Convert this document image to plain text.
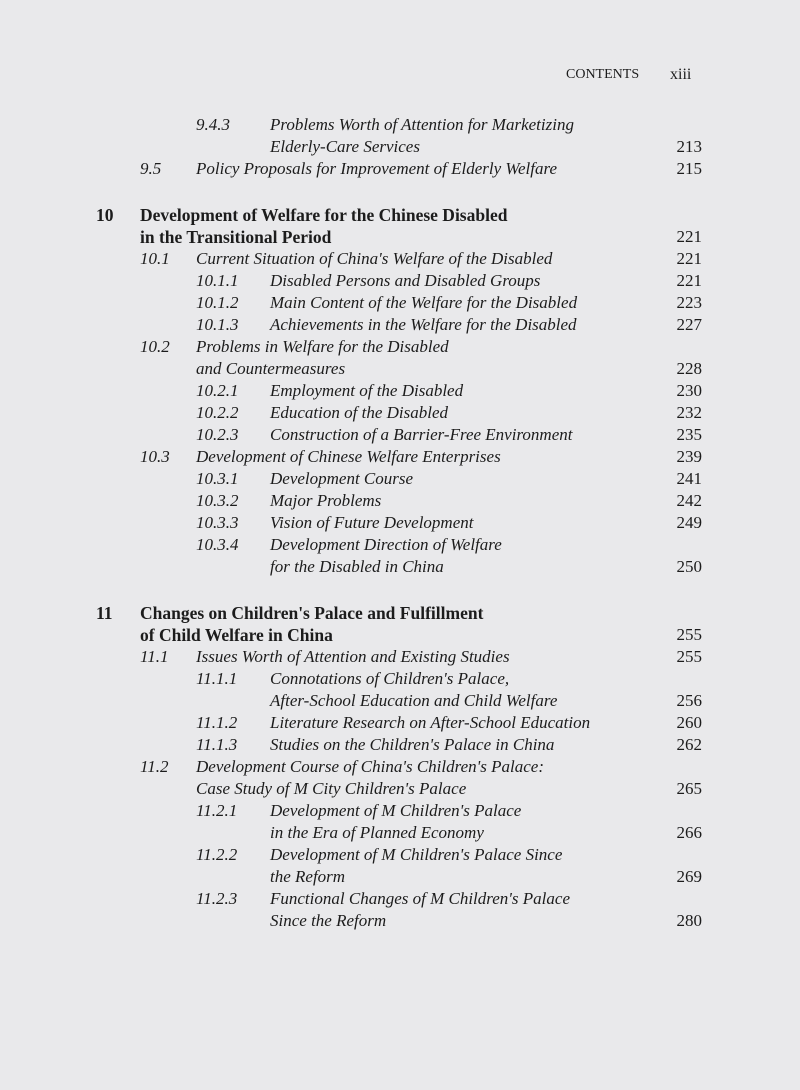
CONTENTS xiii
9.4.3 Problems Worth of Attention for Marketizing
Elderly-Care Services	213
9.5 Policy Proposals for Improvement of Elderly Welfare	215
10 Development of Welfare for the Chinese Disabled
in the Transitional Period	221
10.1 Current Situation of China's Welfare of the Disabled	221
10.1.1 Disabled Persons and Disabled Groups	221
10.1.2 Main Content of the Welfare for the Disabled	223
10.1.3 Achievements in the Welfare for the Disabled	227
10.2 Problems in Welfare for the Disabled
and Countermeasures	228
10.2.1 Employment of the Disabled	230
10.2.2 Education of the Disabled	232
10.2.3 Construction of a Barrier-Free Environment	235
10.3 Development of Chinese Welfare Enterprises	239
10.3.1 Development Course	241
10.3.2 Major Problems	242
10.3.3 Vision of Future Development	249
10.3.4 Development Direction of Welfare
for the Disabled in China	250
11 Changes on Children's Palace and Fulfillment
of Child Welfare in China	255
11.1 Issues Worth of Attention and Existing Studies	255
11.1.1 Connotations of Children's Palace,
After-School Education and Child Welfare	256
11.1.2 Literature Research on After-School Education	260
11.1.3 Studies on the Children's Palace in China	262
11.2 Development Course of China's Children's Palace:
Case Study of M City Children's Palace	265
11.2.1 Development of M Children's Palace
in the Era of Planned Economy	266
11.2.2 Development of M Children's Palace Since
the Reform	269
11.2.3 Functional Changes of M Children's Palace
Since the Reform	280
